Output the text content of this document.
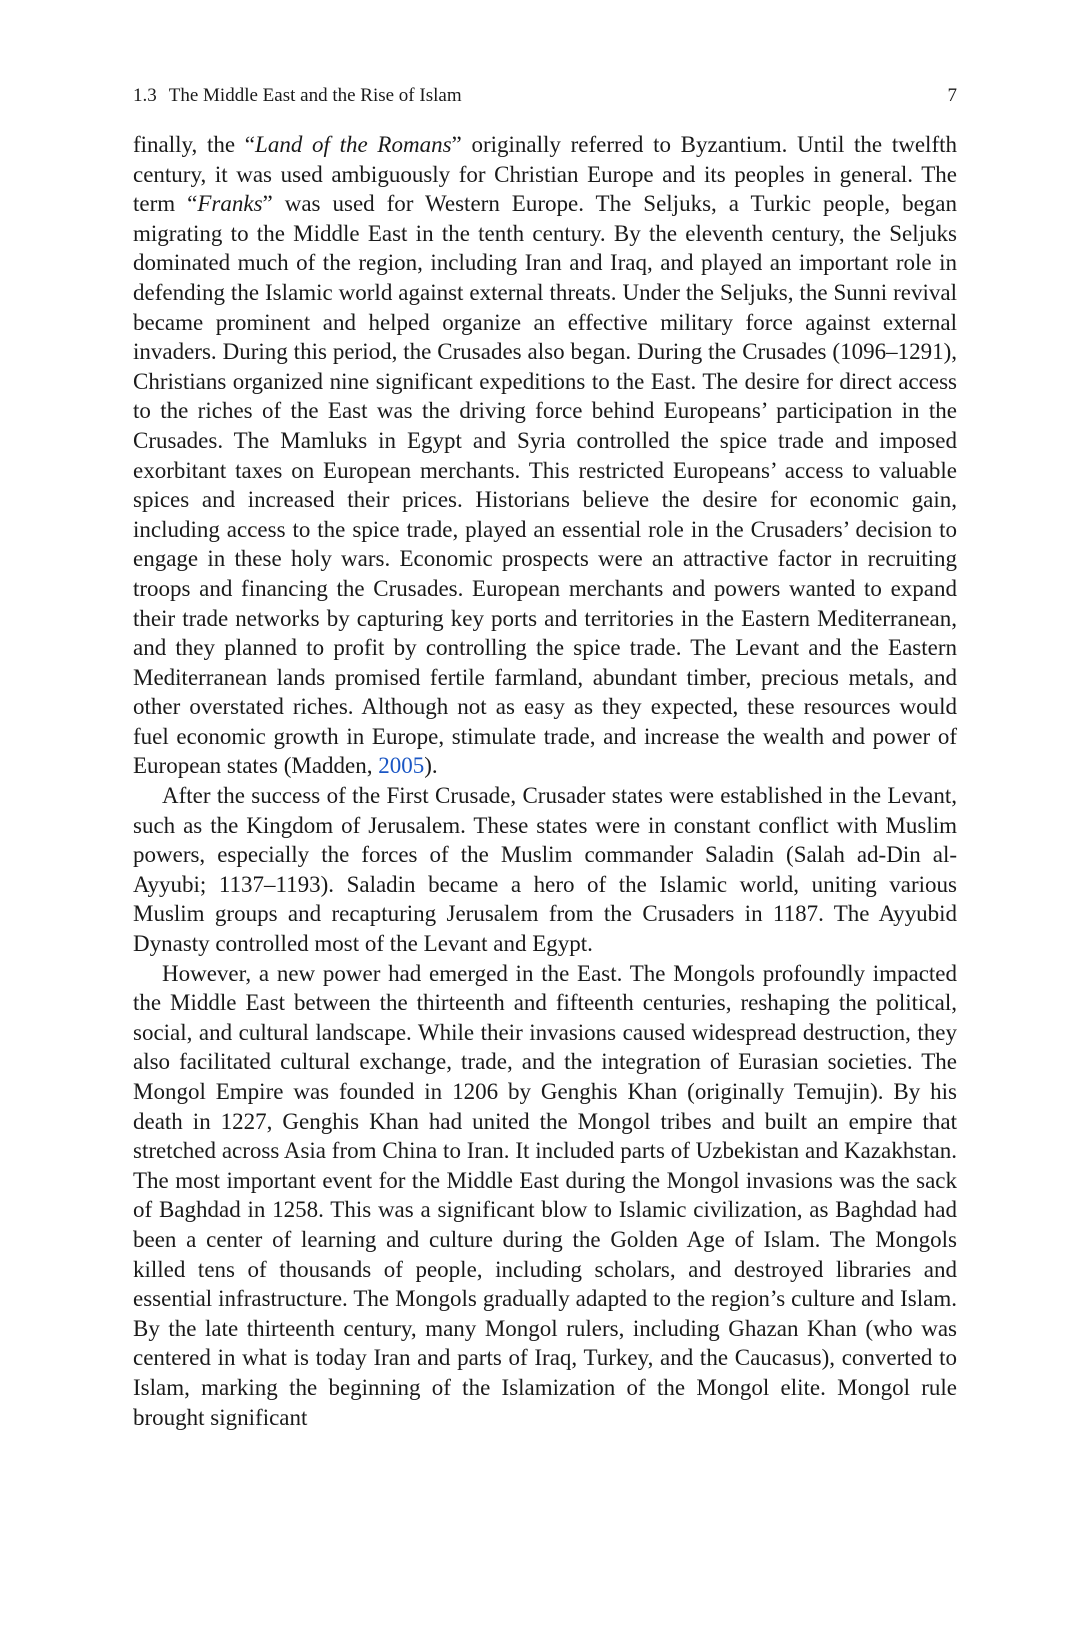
1.3 The Middle East and the Rise of Islam	7

finally, the “Land of the Romans” originally referred to Byzantium. Until the twelfth century, it was used ambiguously for Christian Europe and its peoples in general. The term “Franks” was used for Western Europe. The Seljuks, a Turkic people, began migrating to the Middle East in the tenth century. By the eleventh century, the Seljuks dominated much of the region, including Iran and Iraq, and played an important role in defending the Islamic world against external threats. Under the Seljuks, the Sunni revival became prominent and helped organize an effective military force against external invaders. During this period, the Crusades also began. During the Crusades (1096–1291), Christians organized nine significant expeditions to the East. The desire for direct access to the riches of the East was the driving force behind Europeans’ participation in the Crusades. The Mamluks in Egypt and Syria controlled the spice trade and imposed exorbitant taxes on European merchants. This restricted Europeans’ access to valuable spices and increased their prices. Historians believe the desire for economic gain, including access to the spice trade, played an essential role in the Crusaders’ decision to engage in these holy wars. Economic prospects were an attractive factor in recruiting troops and financing the Crusades. European merchants and powers wanted to expand their trade networks by capturing key ports and territories in the Eastern Mediterranean, and they planned to profit by controlling the spice trade. The Levant and the Eastern Mediterranean lands promised fertile farmland, abundant timber, precious metals, and other overstated riches. Although not as easy as they expected, these resources would fuel economic growth in Europe, stimulate trade, and increase the wealth and power of European states (Madden, 2005).

After the success of the First Crusade, Crusader states were established in the Levant, such as the Kingdom of Jerusalem. These states were in constant conflict with Muslim powers, especially the forces of the Muslim commander Saladin (Salah ad-Din al-Ayyubi; 1137–1193). Saladin became a hero of the Islamic world, uniting various Muslim groups and recapturing Jerusalem from the Crusaders in 1187. The Ayyubid Dynasty controlled most of the Levant and Egypt.

However, a new power had emerged in the East. The Mongols profoundly impacted the Middle East between the thirteenth and fifteenth centuries, reshaping the political, social, and cultural landscape. While their invasions caused widespread destruction, they also facilitated cultural exchange, trade, and the integration of Eurasian societies. The Mongol Empire was founded in 1206 by Genghis Khan (originally Temujin). By his death in 1227, Genghis Khan had united the Mongol tribes and built an empire that stretched across Asia from China to Iran. It included parts of Uzbekistan and Kazakhstan. The most important event for the Middle East during the Mongol invasions was the sack of Baghdad in 1258. This was a significant blow to Islamic civilization, as Baghdad had been a center of learning and culture during the Golden Age of Islam. The Mongols killed tens of thousands of people, including scholars, and destroyed libraries and essential infrastructure. The Mongols gradually adapted to the region’s culture and Islam. By the late thirteenth century, many Mongol rulers, including Ghazan Khan (who was centered in what is today Iran and parts of Iraq, Turkey, and the Caucasus), converted to Islam, marking the beginning of the Islamization of the Mongol elite. Mongol rule brought significant
